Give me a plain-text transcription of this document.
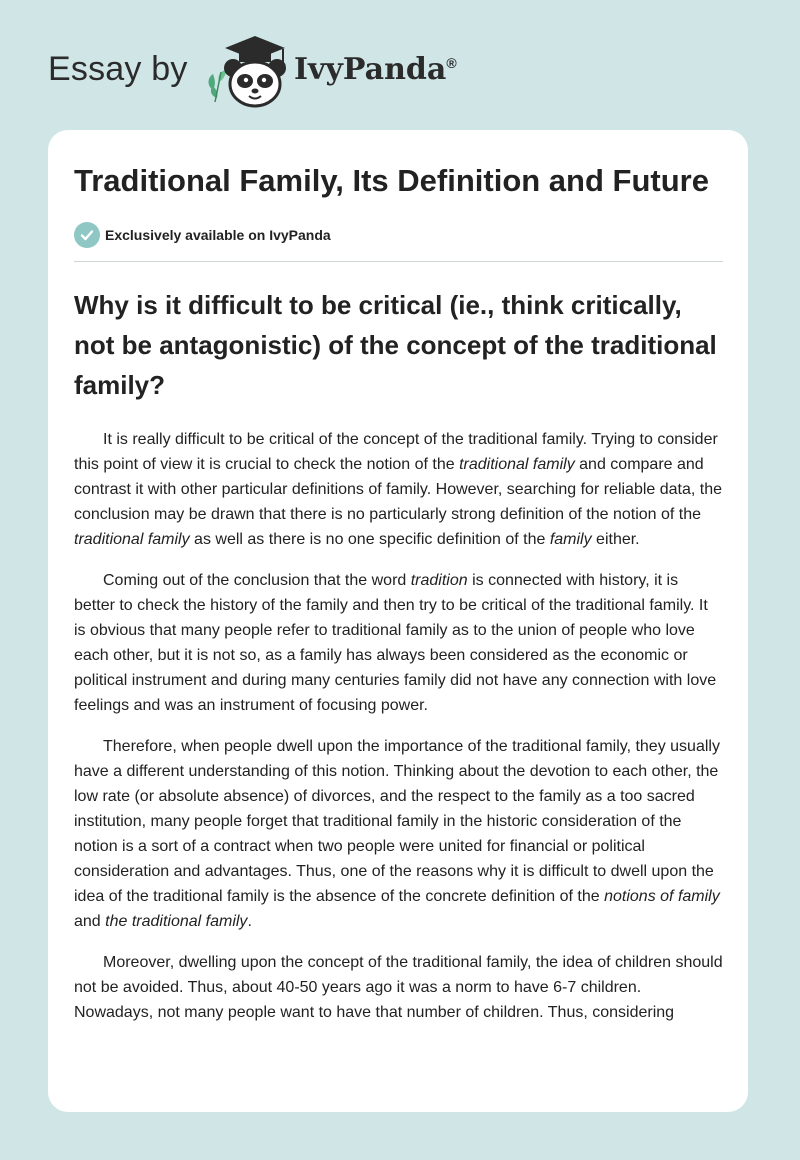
Essay by	IvyPanda®
Traditional Family, Its Definition and Future
Exclusively available on IvyPanda
Why is it difficult to be critical (ie., think critically, not be antagonistic) of the concept of the traditional family?

It is really difficult to be critical of the concept of the traditional family. Trying to consider this point of view it is crucial to check the notion of the traditional family and compare and contrast it with other particular definitions of family. However, searching for reliable data, the conclusion may be drawn that there is no particularly strong definition of the notion of the traditional family as well as there is no one specific definition of the family either.

Coming out of the conclusion that the word tradition is connected with history, it is better to check the history of the family and then try to be critical of the traditional family. It is obvious that many people refer to traditional family as to the union of people who love each other, but it is not so, as a family has always been considered as the economic or political instrument and during many centuries family did not have any connection with love feelings and was an instrument of focusing power.

Therefore, when people dwell upon the importance of the traditional family, they usually have a different understanding of this notion. Thinking about the devotion to each other, the low rate (or absolute absence) of divorces, and the respect to the family as a too sacred institution, many people forget that traditional family in the historic consideration of the notion is a sort of a contract when two people were united for financial or political consideration and advantages. Thus, one of the reasons why it is difficult to dwell upon the idea of the traditional family is the absence of the concrete definition of the notions of family and the traditional family.

Moreover, dwelling upon the concept of the traditional family, the idea of children should not be avoided. Thus, about 40-50 years ago it was a norm to have 6-7 children. Nowadays, not many people want to have that number of children. Thus, considering
